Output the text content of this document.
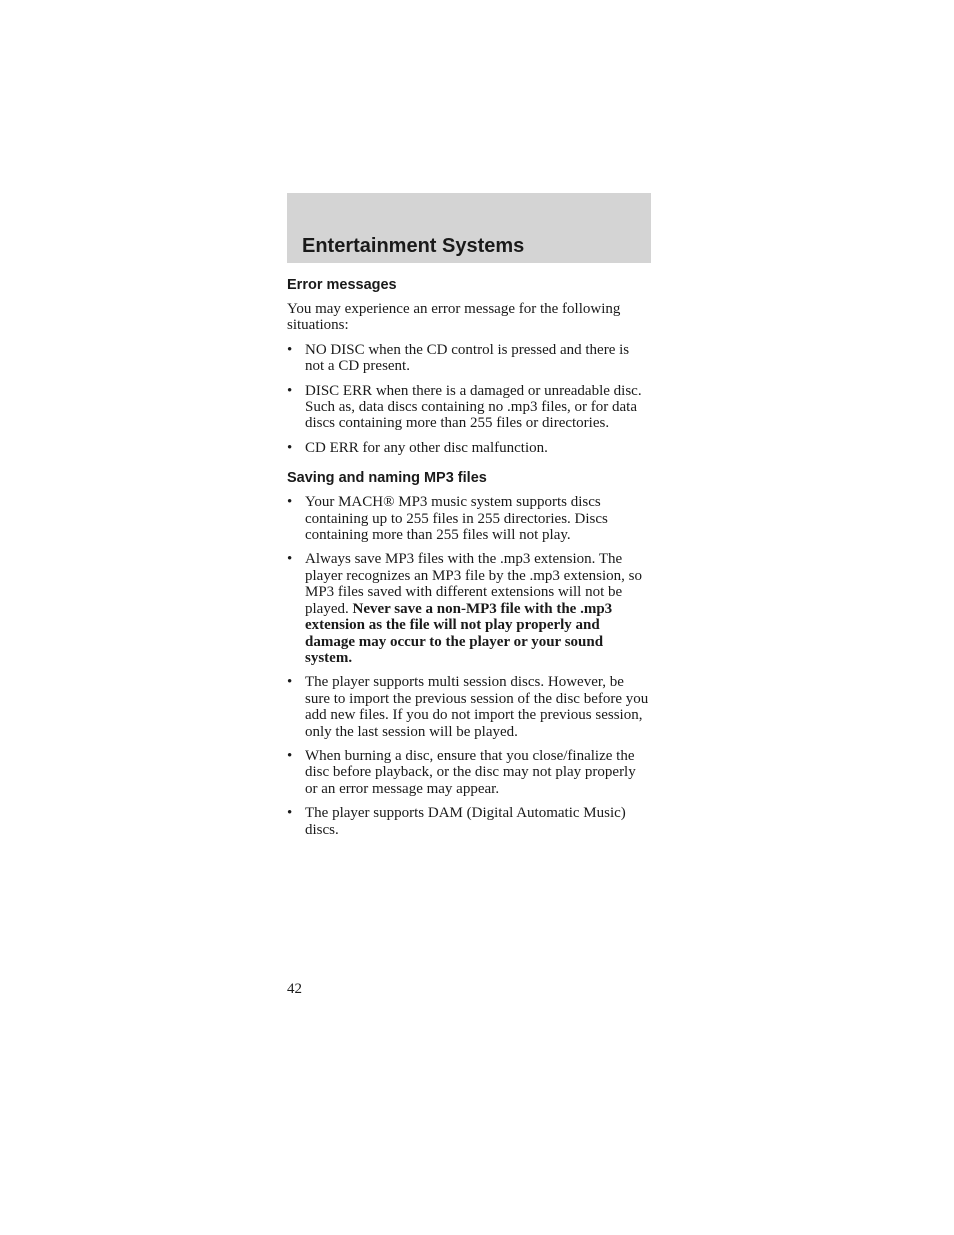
Entertainment Systems
Error messages

You may experience an error message for the following situations:

• NO DISC when the CD control is pressed and there is not a CD present.
• DISC ERR when there is a damaged or unreadable disc. Such as, data discs containing no .mp3 files, or for data discs containing more than 255 files or directories.
• CD ERR for any other disc malfunction.
Saving and naming MP3 files
• Your MACH® MP3 music system supports discs containing up to 255 files in 255 directories. Discs containing more than 255 files will not play.
• Always save MP3 files with the .mp3 extension. The player recognizes an MP3 file by the .mp3 extension, so MP3 files saved with different extensions will not be played. Never save a non-MP3 file with the .mp3 extension as the file will not play properly and damage may occur to the player or your sound system.
• The player supports multi session discs. However, be sure to import the previous session of the disc before you add new files. If you do not import the previous session, only the last session will be played.
• When burning a disc, ensure that you close/finalize the disc before playback, or the disc may not play properly or an error message may appear.
• The player supports DAM (Digital Automatic Music) discs.
42
